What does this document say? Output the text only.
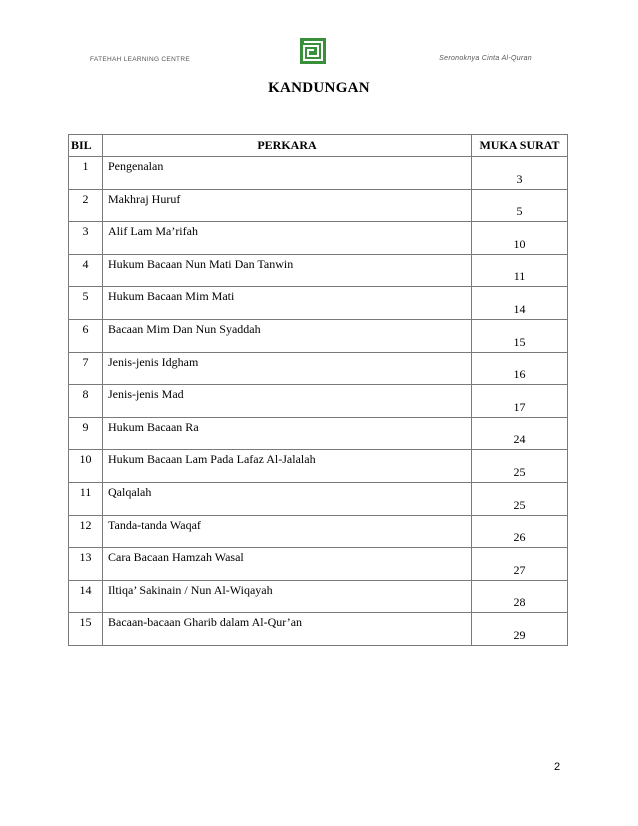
FATEHAH LEARNING CENTRE	Seronoknya Cinta Al-Quran
KANDUNGAN
BIL	PERKARA	MUKA SURAT
1	Pengenalan	3
2	Makhraj Huruf	5
3	Alif Lam Ma’rifah	10
4	Hukum Bacaan Nun Mati Dan Tanwin	11
5	Hukum Bacaan Mim Mati	14
6	Bacaan Mim Dan Nun Syaddah	15
7	Jenis-jenis Idgham	16
8	Jenis-jenis Mad	17
9	Hukum Bacaan Ra	24
10	Hukum Bacaan Lam Pada Lafaz Al-Jalalah	25
11	Qalqalah	25
12	Tanda-tanda Waqaf	26
13	Cara Bacaan Hamzah Wasal	27
14	Iltiqa’ Sakinain / Nun Al-Wiqayah	28
15	Bacaan-bacaan Gharib dalam Al-Qur’an	29
2
